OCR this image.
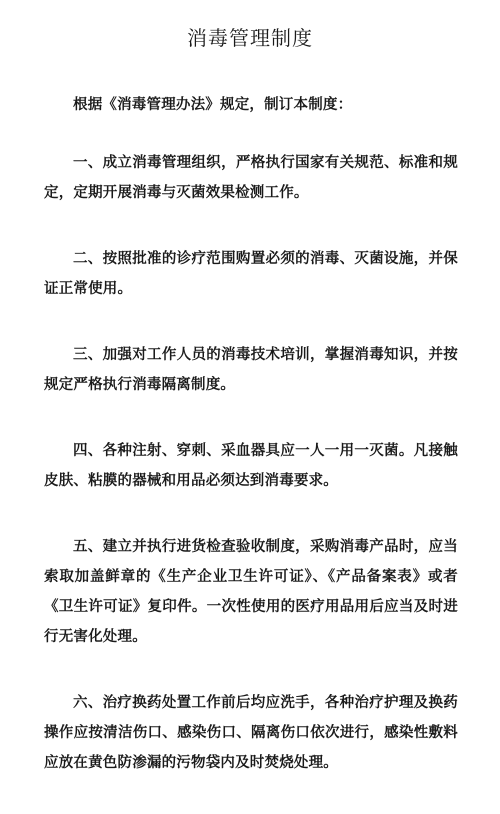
消毒管理制度

根据《消毒管理办法》规定，制订本制度：

一、成立消毒管理组织，严格执行国家有关规范、标准和规定，定期开展消毒与灭菌效果检测工作。

二、按照批准的诊疗范围购置必须的消毒、灭菌设施，并保证正常使用。

三、加强对工作人员的消毒技术培训，掌握消毒知识，并按规定严格执行消毒隔离制度。

四、各种注射、穿刺、采血器具应一人一用一灭菌。凡接触皮肤、粘膜的器械和用品必须达到消毒要求。

五、建立并执行进货检查验收制度，采购消毒产品时，应当索取加盖鲜章的《生产企业卫生许可证》、《产品备案表》或者《卫生许可证》复印件。一次性使用的医疗用品用后应当及时进行无害化处理。

六、治疗换药处置工作前后均应洗手，各种治疗护理及换药操作应按清洁伤口、感染伤口、隔离伤口依次进行，感染性敷料应放在黄色防渗漏的污物袋内及时焚烧处理。
